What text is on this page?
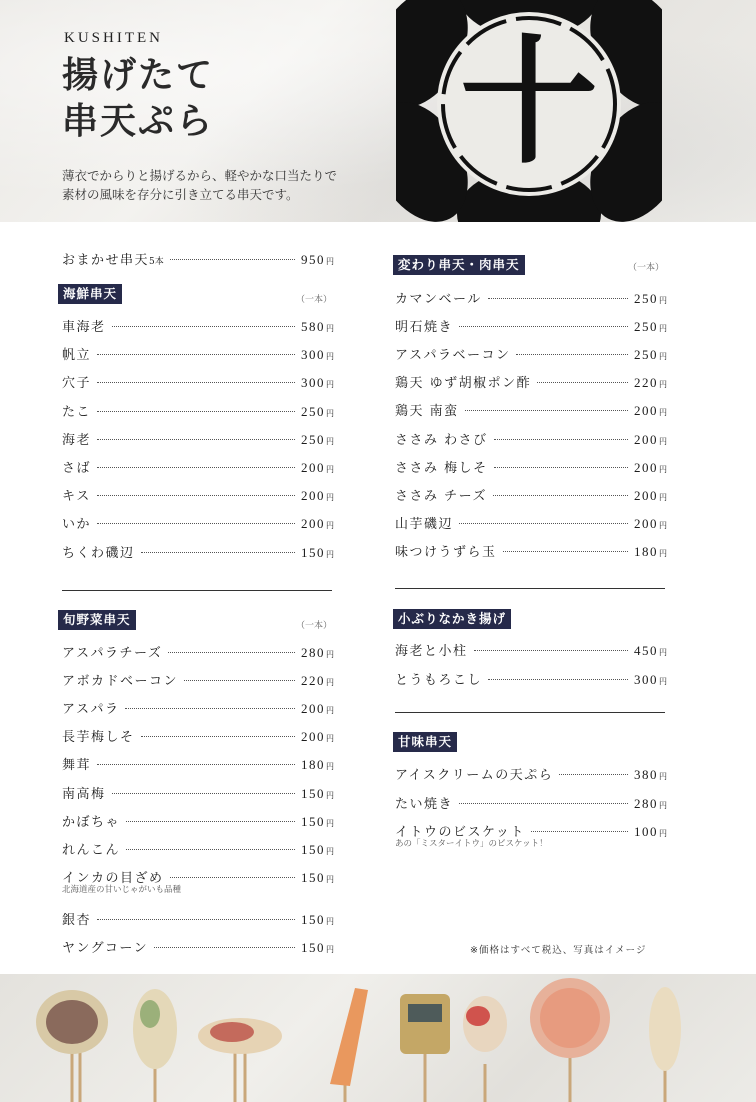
KUSHITEN
揚げたて
串天ぷら
薄衣でからりと揚げるから、軽やかな口当たりで
素材の風味を存分に引き立てる串天です。
十
おまかせ串天5本	950円
海鮮串天	（一本）
車海老	580円
帆立	300円
穴子	300円
たこ	250円
海老	250円
さば	200円
キス	200円
いか	200円
ちくわ磯辺	150円
旬野菜串天	（一本）
アスパラチーズ	280円
アボカドベーコン	220円
アスパラ	200円
長芋梅しそ	200円
舞茸	180円
南高梅	150円
かぼちゃ	150円
れんこん	150円
インカの目ざめ	150円
北海道産の甘いじゃがいも品種
銀杏	150円
ヤングコーン	150円
変わり串天・肉串天	（一本）
カマンベール	250円
明石焼き	250円
アスパラベーコン	250円
鶏天 ゆず胡椒ポン酢	220円
鶏天 南蛮	200円
ささみ わさび	200円
ささみ 梅しそ	200円
ささみ チーズ	200円
山芋磯辺	200円
味つけうずら玉	180円
小ぶりなかき揚げ
海老と小柱	450円
とうもろこし	300円
甘味串天
アイスクリームの天ぷら	380円
たい焼き	280円
イトウのビスケット	100円
あの「ミスターイトウ」のビスケット！
※価格はすべて税込、写真はイメージ
